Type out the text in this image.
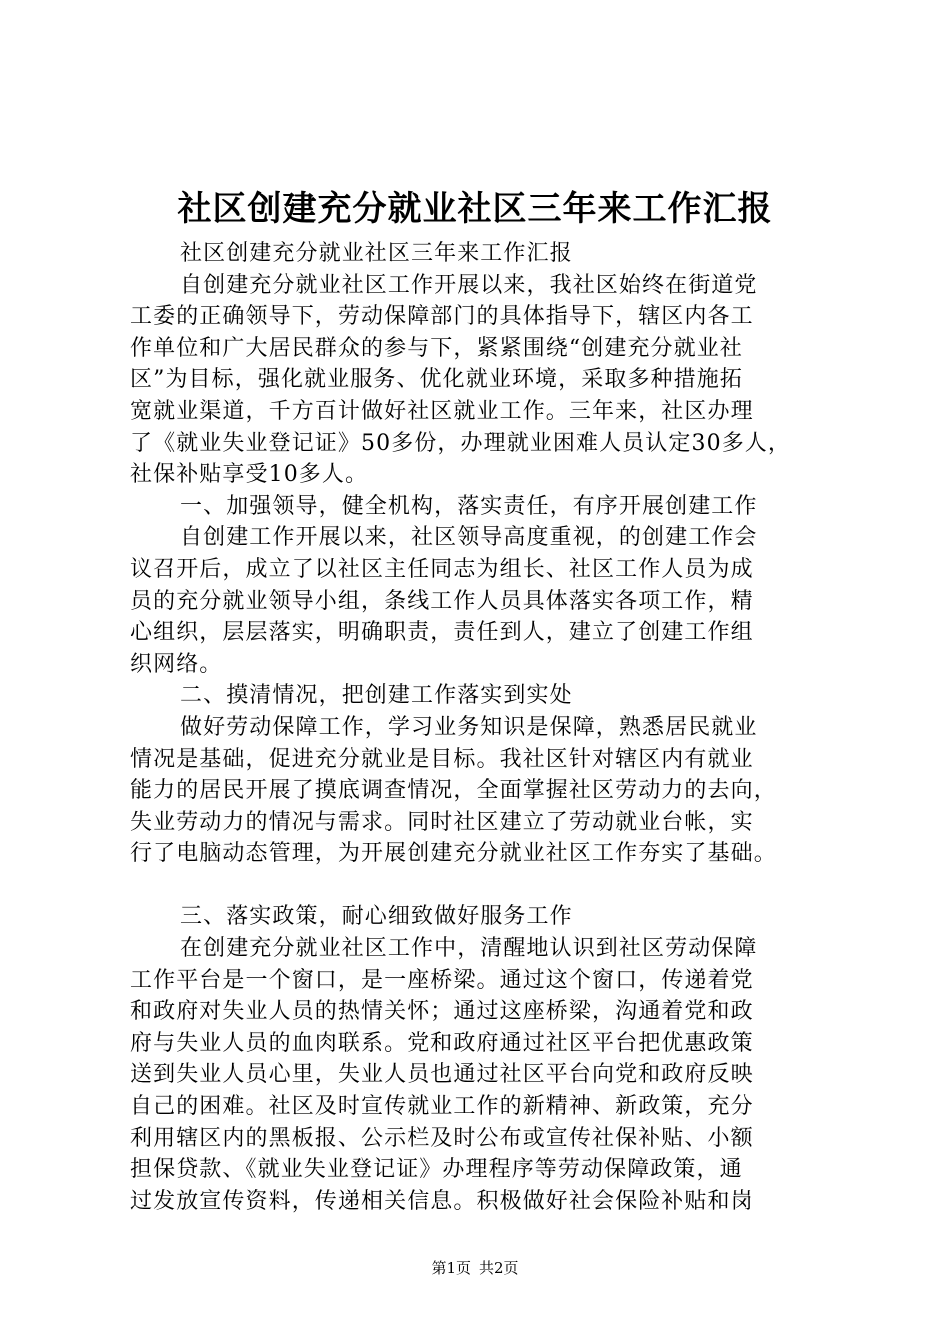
社区创建充分就业社区三年来工作汇报

社区创建充分就业社区三年来工作汇报

自创建充分就业社区工作开展以来，我社区始终在街道党

工委的正确领导下，劳动保障部门的具体指导下，辖区内各工

作单位和广大居民群众的参与下，紧紧围绕“创建充分就业社

区”为目标，强化就业服务、优化就业环境，采取多种措施拓

宽就业渠道，千方百计做好社区就业工作。三年来，社区办理

了《就业失业登记证》50多份，办理就业困难人员认定30多人，

社保补贴享受10多人。

一、加强领导，健全机构，落实责任，有序开展创建工作

自创建工作开展以来，社区领导高度重视，的创建工作会

议召开后，成立了以社区主任同志为组长、社区工作人员为成

员的充分就业领导小组，条线工作人员具体落实各项工作，精

心组织，层层落实，明确职责，责任到人，建立了创建工作组

织网络。

二、摸清情况，把创建工作落实到实处

做好劳动保障工作，学习业务知识是保障，熟悉居民就业

情况是基础，促进充分就业是目标。我社区针对辖区内有就业

能力的居民开展了摸底调查情况，全面掌握社区劳动力的去向，

失业劳动力的情况与需求。同时社区建立了劳动就业台帐，实

行了电脑动态管理，为开展创建充分就业社区工作夯实了基础。

三、落实政策，耐心细致做好服务工作

在创建充分就业社区工作中，清醒地认识到社区劳动保障

工作平台是一个窗口，是一座桥梁。通过这个窗口，传递着党

和政府对失业人员的热情关怀；通过这座桥梁，沟通着党和政

府与失业人员的血肉联系。党和政府通过社区平台把优惠政策

送到失业人员心里，失业人员也通过社区平台向党和政府反映

自己的困难。社区及时宣传就业工作的新精神、新政策，充分

利用辖区内的黑板报、公示栏及时公布或宣传社保补贴、小额

担保贷款、《就业失业登记证》办理程序等劳动保障政策，通

过发放宣传资料，传递相关信息。积极做好社会保险补贴和岗

第1页 共2页
